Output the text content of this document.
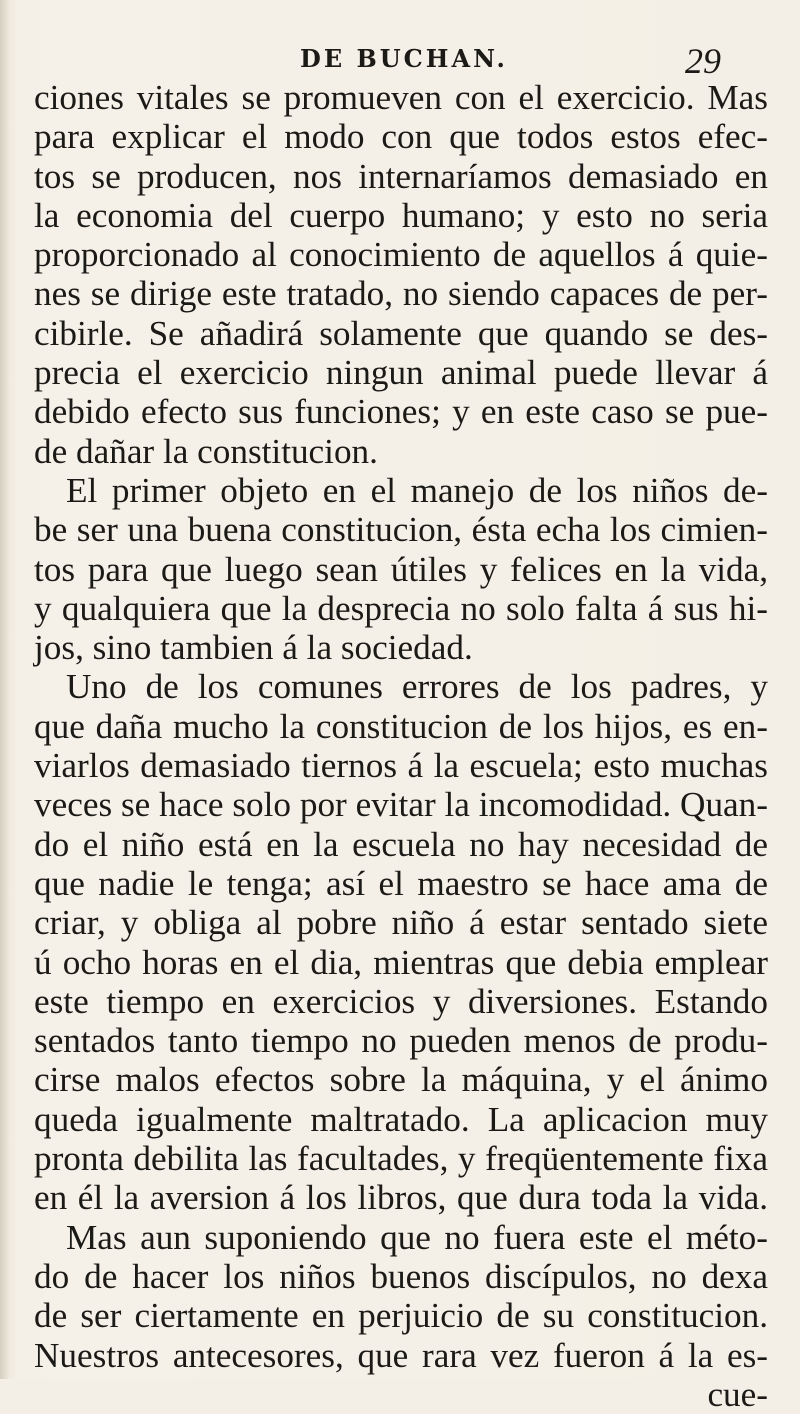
DE BUCHAN.	29
ciones vitales se promueven con el exercicio. Mas
para explicar el modo con que todos estos efec-
tos se producen, nos internaríamos demasiado en
la economia del cuerpo humano; y esto no seria
proporcionado al conocimiento de aquellos á quie-
nes se dirige este tratado, no siendo capaces de per-
cibirle. Se añadirá solamente que quando se des-
precia el exercicio ningun animal puede llevar á
debido efecto sus funciones; y en este caso se pue-
de dañar la constitucion.
El primer objeto en el manejo de los niños de-
be ser una buena constitucion, ésta echa los cimien-
tos para que luego sean útiles y felices en la vida,
y qualquiera que la desprecia no solo falta á sus hi-
jos, sino tambien á la sociedad.
Uno de los comunes errores de los padres, y
que daña mucho la constitucion de los hijos, es en-
viarlos demasiado tiernos á la escuela; esto muchas
veces se hace solo por evitar la incomodidad. Quan-
do el niño está en la escuela no hay necesidad de
que nadie le tenga; así el maestro se hace ama de
criar, y obliga al pobre niño á estar sentado siete
ú ocho horas en el dia, mientras que debia emplear
este tiempo en exercicios y diversiones. Estando
sentados tanto tiempo no pueden menos de produ-
cirse malos efectos sobre la máquina, y el ánimo
queda igualmente maltratado. La aplicacion muy
pronta debilita las facultades, y freqüentemente fixa
en él la aversion á los libros, que dura toda la vida.
Mas aun suponiendo que no fuera este el méto-
do de hacer los niños buenos discípulos, no dexa
de ser ciertamente en perjuicio de su constitucion.
Nuestros antecesores, que rara vez fueron á la es-
cue-
